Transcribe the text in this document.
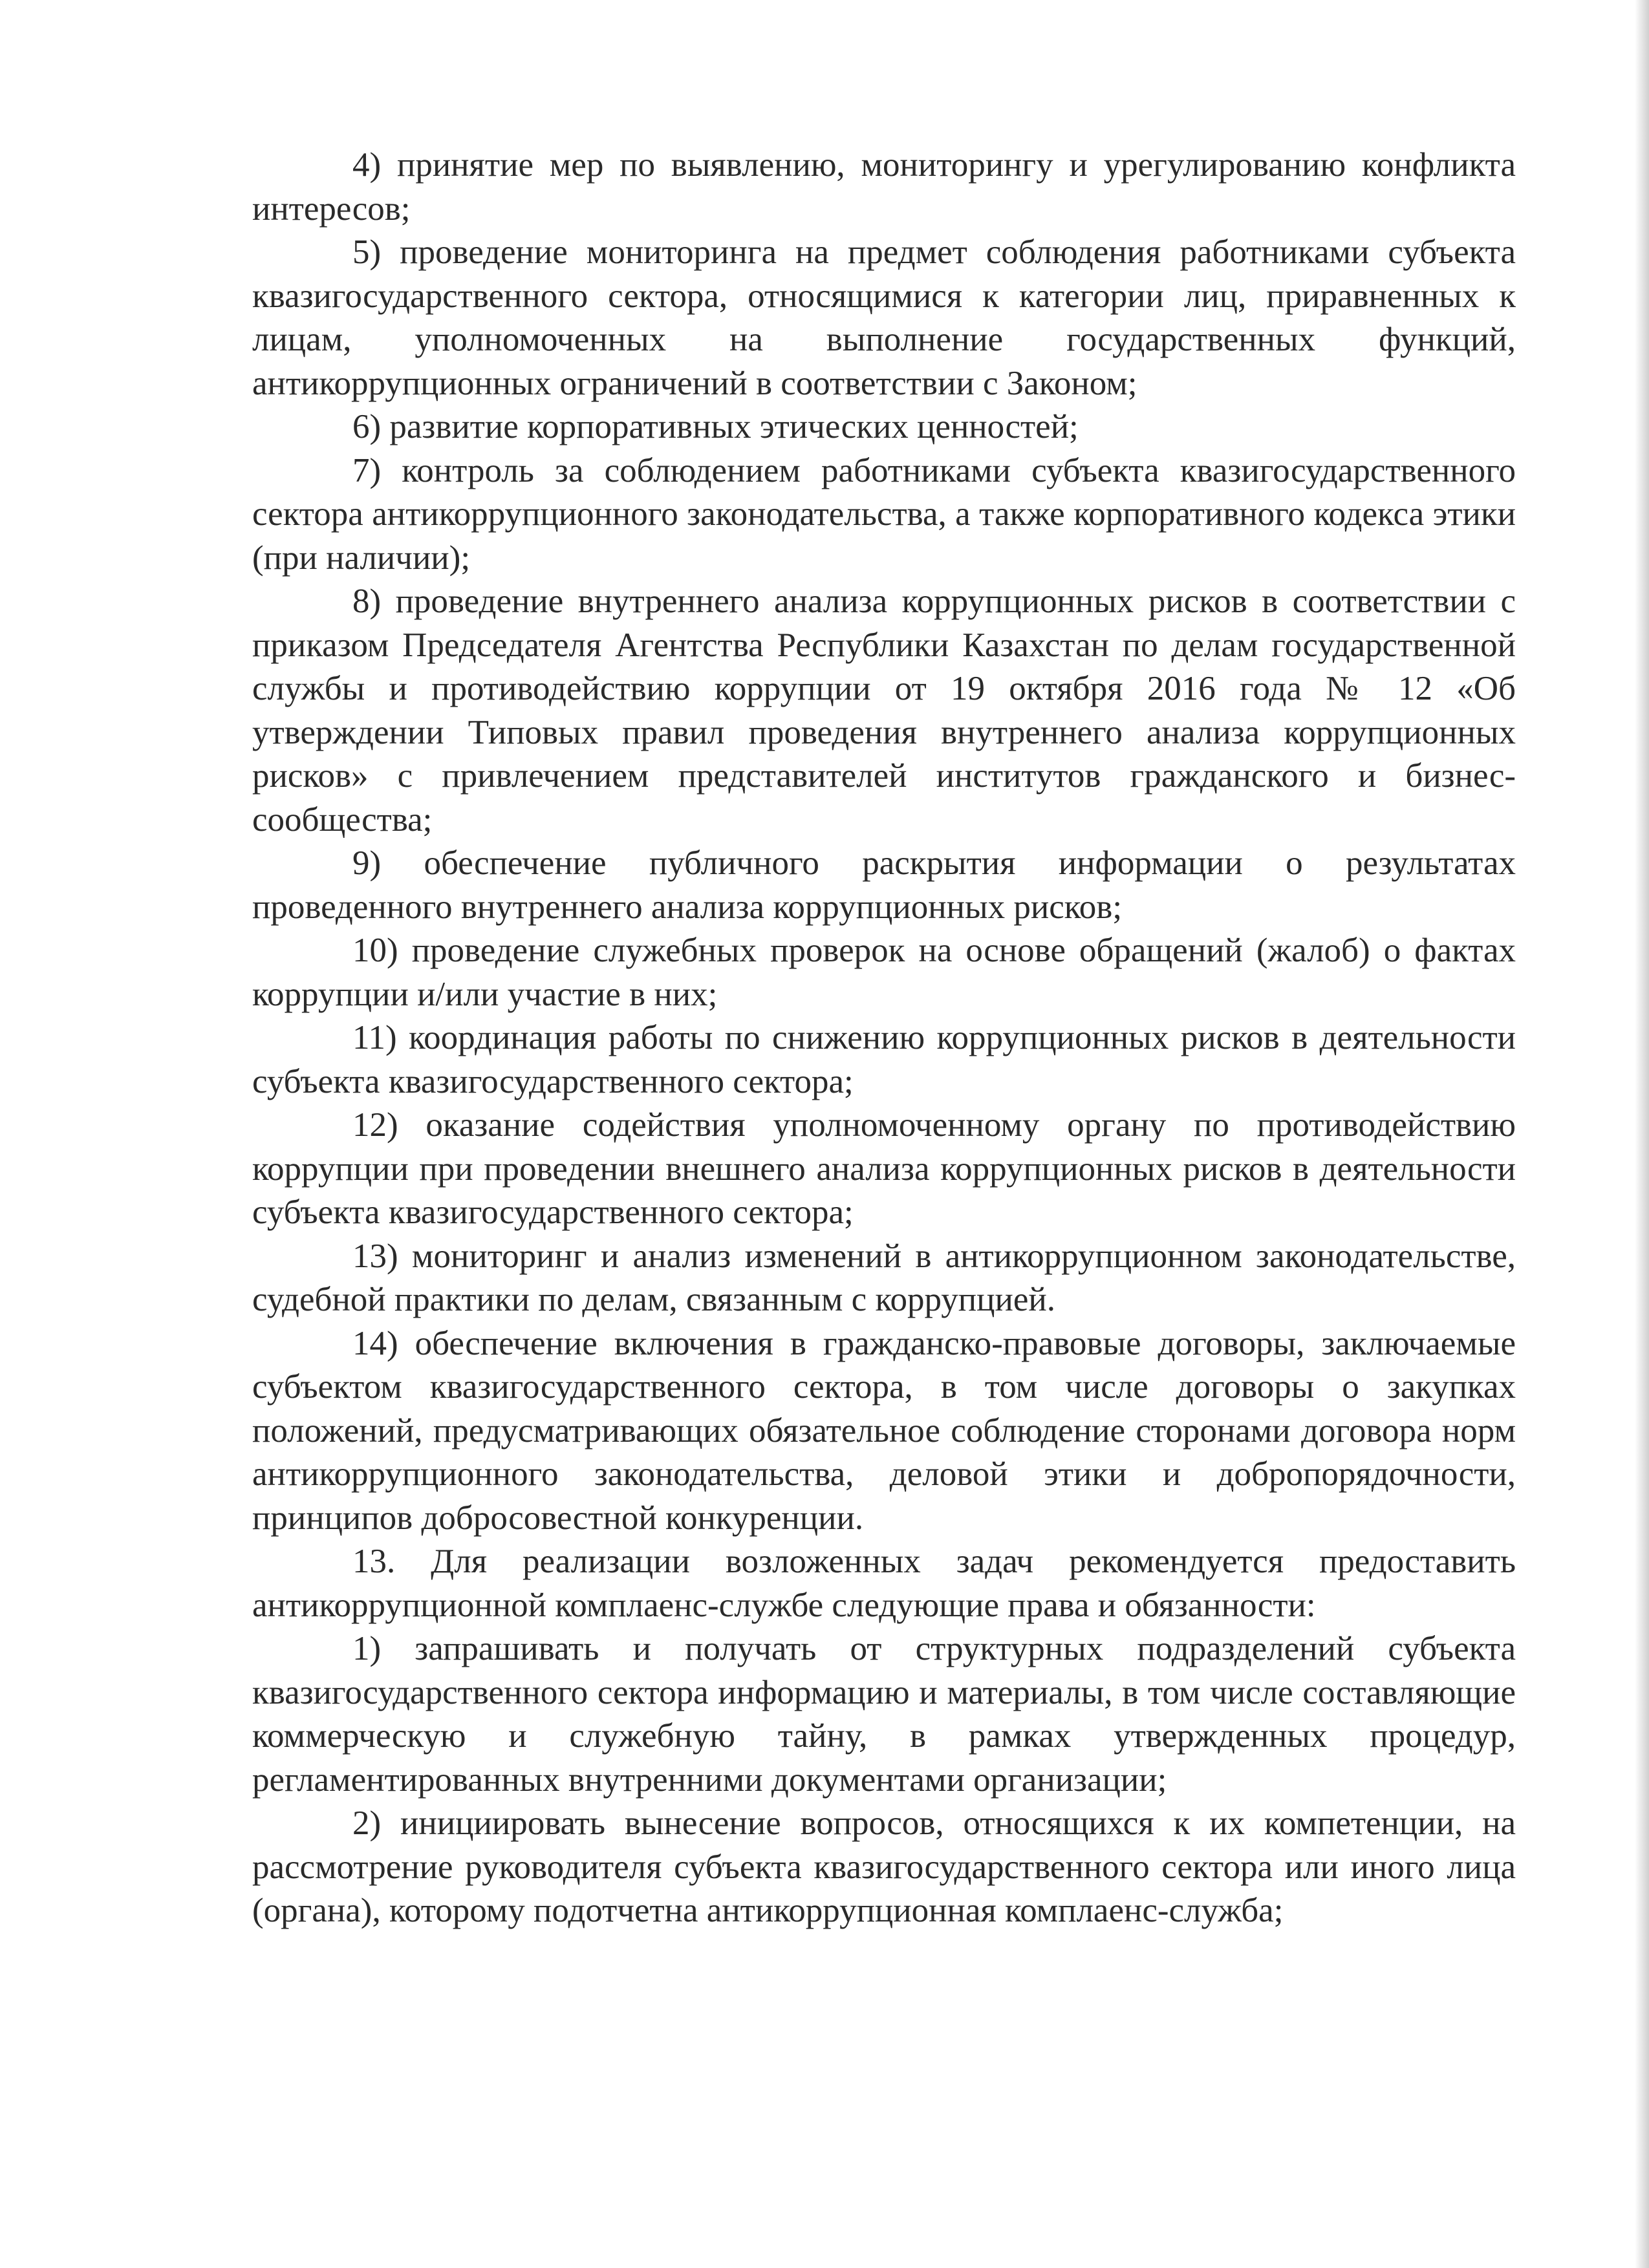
4) принятие мер по выявлению, мониторингу и урегулированию конфликта интересов;

5) проведение мониторинга на предмет соблюдения работниками субъекта квазигосударственного сектора, относящимися к категории лиц, приравненных к лицам, уполномоченных на выполнение государственных функций, антикоррупционных ограничений в соответствии с Законом;

6) развитие корпоративных этических ценностей;

7) контроль за соблюдением работниками субъекта квазигосударственного сектора антикоррупционного законодательства, а также корпоративного кодекса этики (при наличии);

8) проведение внутреннего анализа коррупционных рисков в соответствии с приказом Председателя Агентства Республики Казахстан по делам государственной службы и противодействию коррупции от 19 октября 2016 года № 12 «Об утверждении Типовых правил проведения внутреннего анализа коррупционных рисков» с привлечением представителей институтов гражданского и бизнес-сообщества;

9) обеспечение публичного раскрытия информации о результатах проведенного внутреннего анализа коррупционных рисков;

10) проведение служебных проверок на основе обращений (жалоб) о фактах коррупции и/или участие в них;

11) координация работы по снижению коррупционных рисков в деятельности субъекта квазигосударственного сектора;

12) оказание содействия уполномоченному органу по противодействию коррупции при проведении внешнего анализа коррупционных рисков в деятельности субъекта квазигосударственного сектора;

13) мониторинг и анализ изменений в антикоррупционном законодательстве, судебной практики по делам, связанным с коррупцией.

14) обеспечение включения в гражданско-правовые договоры, заключаемые субъектом квазигосударственного сектора, в том числе договоры о закупках положений, предусматривающих обязательное соблюдение сторонами договора норм антикоррупционного законодательства, деловой этики и добропорядочности, принципов добросовестной конкуренции.

13. Для реализации возложенных задач рекомендуется предоставить антикоррупционной комплаенс-службе следующие права и обязанности:

1) запрашивать и получать от структурных подразделений субъекта квазигосударственного сектора информацию и материалы, в том числе составляющие коммерческую и служебную тайну, в рамках утвержденных процедур, регламентированных внутренними документами организации;

2) инициировать вынесение вопросов, относящихся к их компетенции, на рассмотрение руководителя субъекта квазигосударственного сектора или иного лица (органа), которому подотчетна антикоррупционная комплаенс-служба;
